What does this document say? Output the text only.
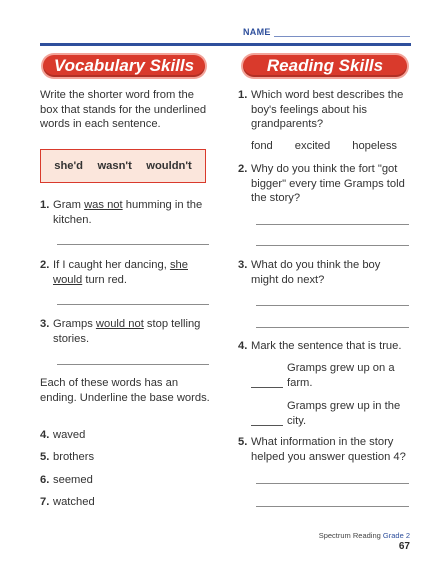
NAME
Vocabulary Skills
Write the shorter word from the box that stands for the underlined words in each sentence.
she'd wasn't wouldn't
1. Gram was not humming in the kitchen.
2. If I caught her dancing, she would turn red.
3. Gramps would not stop telling stories.
Each of these words has an ending. Underline the base words.
4. waved
5. brothers
6. seemed
7. watched
Reading Skills
1. Which word best describes the boy's feelings about his grandparents?
fond excited hopeless
2. Why do you think the fort "got bigger" every time Gramps told the story?
3. What do you think the boy might do next?
4. Mark the sentence that is true.
Gramps grew up on a farm.
Gramps grew up in the city.
5. What information in the story helped you answer question 4?
Spectrum Reading Grade 2
67
